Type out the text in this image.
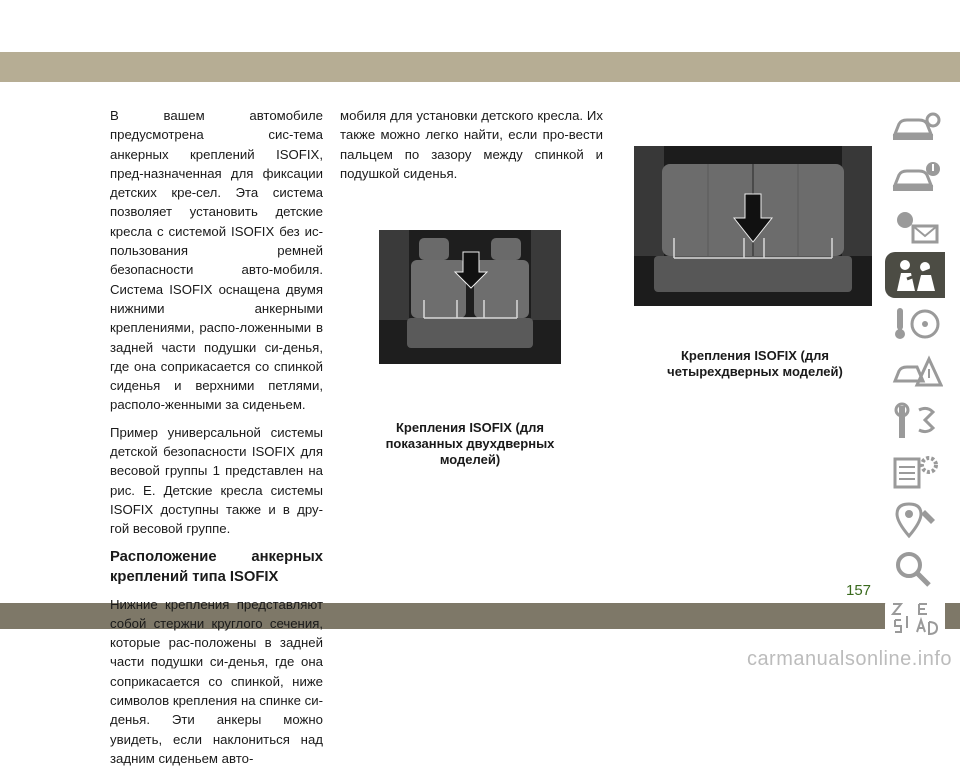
В вашем автомобиле предусмотрена сис-тема анкерных креплений ISOFIX, пред-назначенная для фиксации детских кре-сел. Эта система позволяет установить детские кресла с системой ISOFIX без ис-пользования ремней безопасности авто-мобиля. Система ISOFIX оснащена двумя нижними анкерными креплениями, распо-ложенными в задней части подушки си-денья, где она соприкасается со спинкой сиденья и верхними петлями, располо-женными за сиденьем.

Пример универсальной системы детской безопасности ISOFIX для весовой группы 1 представлен на рис. E. Детские кресла системы ISOFIX доступны также и в дру-гой весовой группе.

Расположение анкерных креплений типа ISOFIX

Нижние крепления представляют собой стержни круглого сечения, которые рас-положены в задней части подушки си-денья, где она соприкасается со спинкой, ниже символов крепления на спинке си-денья. Эти анкеры можно увидеть, если наклониться над задним сиденьем авто-

мобиля для установки детского кресла. Их также можно легко найти, если про-вести пальцем по зазору между спинкой и подушкой сиденья.

Крепления ISOFIX (для показанных двухдверных моделей)
Крепления ISOFIX (для четырехдверных моделей)
157
carmanualsonline.info
